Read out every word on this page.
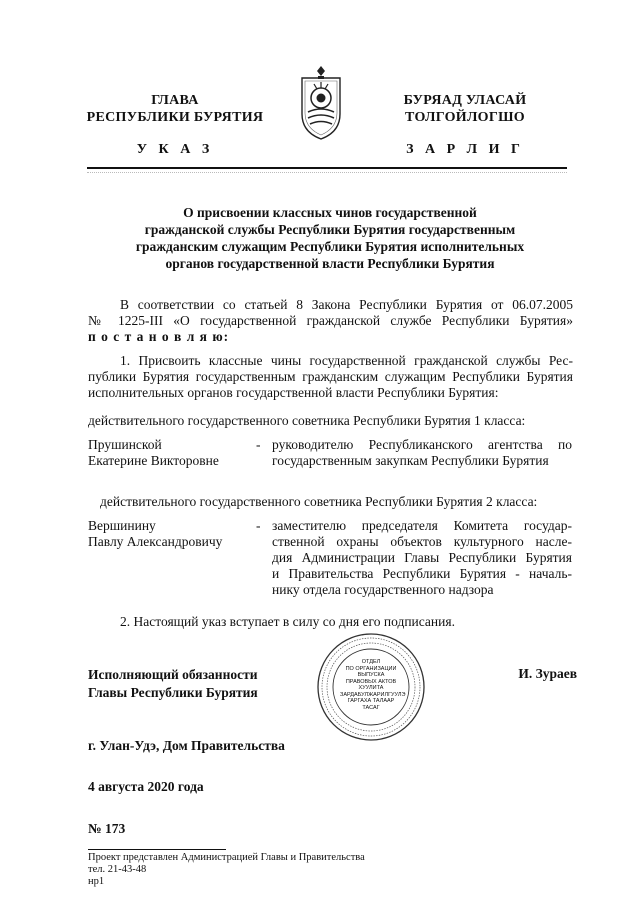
ГЛАВА
РЕСПУБЛИКИ БУРЯТИЯ
БУРЯАД УЛАСАЙ
ТОЛГОЙЛОГШО
У К А З	З А Р Л И Г
О присвоении классных чинов государственной
гражданской службы Республики Бурятия государственным
гражданским служащим Республики Бурятия исполнительных
органов государственной власти Республики Бурятия
В соответствии со статьей 8 Закона Республики Бурятия от 06.07.2005
№ 1225-III «О государственной гражданской службе Республики Бурятия»
п о с т а н о в л я ю:
1. Присвоить классные чины государственной гражданской службы Рес-
публики Бурятия государственным гражданским служащим Республики Бурятия
исполнительных органов государственной власти Республики Бурятия:
действительного государственного советника Республики Бурятия 1 класса:
Прушинской
Екатерине Викторовне
- руководителю Республиканского агентства по
государственным закупкам Республики Бурятия
действительного государственного советника Республики Бурятия 2 класса:
Вершинину
Павлу Александровичу
- заместителю председателя Комитета государ-
ственной охраны объектов культурного насле-
дия Администрации Главы Республики Бурятия
и Правительства Республики Бурятия - началь-
нику отдела государственного надзора
2. Настоящий указ вступает в силу со дня его подписания.
Исполняющий обязанности
Главы Республики Бурятия
И. Зураев
ОТДЕЛ
ПО ОРГАНИЗАЦИИ
ВЫПУСКА
ПРАВОВЫХ АКТОВ
ХУУЛИТА
ЗАРДАБУЛЖАРИЛГУУЛЭ
ГАРГАХА ТАЛААР
ТАСАГ
г. Улан-Удэ, Дом Правительства
4 августа 2020 года
№ 173
Проект представлен Администрацией Главы и Правительства
тел. 21-43-48
нр1
